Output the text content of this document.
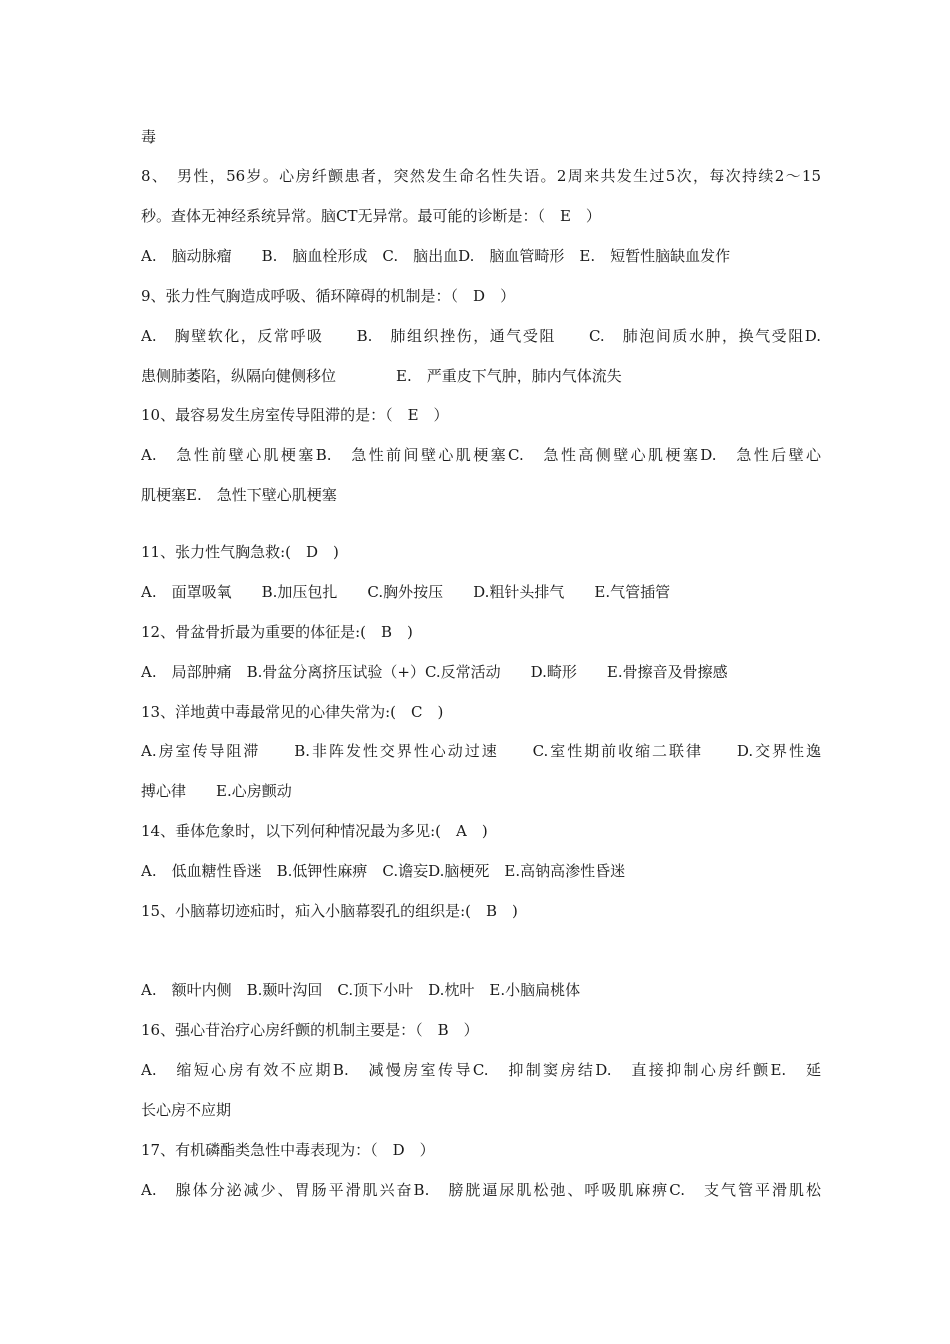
毒
8、　男性，56岁。心房纤颤患者，突然发生命名性失语。2周来共发生过5次，每次持续2～15
秒。查体无神经系统异常。脑CT无异常。最可能的诊断是：（　E　）
A.　脑动脉瘤　　B.　脑血栓形成　C.　脑出血D.　脑血管畸形　E.　短暂性脑缺血发作
9、张力性气胸造成呼吸、循环障碍的机制是：（　D　）
A.　胸壁软化，反常呼吸　　B.　肺组织挫伤，通气受阻　　C.　肺泡间质水肿，换气受阻D.
患侧肺萎陷，纵隔向健侧移位　　　　E.　严重皮下气肿，肺内气体流失
10、最容易发生房室传导阻滞的是：（　E　）
A.　急性前壁心肌梗塞B.　急性前间壁心肌梗塞C.　急性高侧壁心肌梗塞D.　急性后壁心
肌梗塞E.　急性下壁心肌梗塞
11、张力性气胸急救:(　D　)
A.　面罩吸氧　　B.加压包扎　　C.胸外按压　　D.粗针头排气　　E.气管插管
12、骨盆骨折最为重要的体征是:(　B　)
A.　局部肿痛　B.骨盆分离挤压试验（+）C.反常活动　　D.畸形　　E.骨擦音及骨擦感
13、洋地黄中毒最常见的心律失常为:(　C　)
A.房室传导阻滞　　B.非阵发性交界性心动过速　　C.室性期前收缩二联律　　D.交界性逸
搏心律　　E.心房颤动
14、垂体危象时，以下列何种情况最为多见:(　A　)
A.　低血糖性昏迷　B.低钾性麻痹　C.谵妄D.脑梗死　E.高钠高渗性昏迷
15、小脑幕切迹疝时，疝入小脑幕裂孔的组织是:(　B　)
A.　额叶内侧　B.颞叶沟回　C.顶下小叶　D.枕叶　E.小脑扁桃体
16、强心苷治疗心房纤颤的机制主要是：（　B　）
A.　缩短心房有效不应期B.　减慢房室传导C.　抑制窦房结D.　直接抑制心房纤颤E.　延
长心房不应期
17、有机磷酯类急性中毒表现为：（　D　）
A.　腺体分泌减少、胃肠平滑肌兴奋B.　膀胱逼尿肌松弛、呼吸肌麻痹C.　支气管平滑肌松
